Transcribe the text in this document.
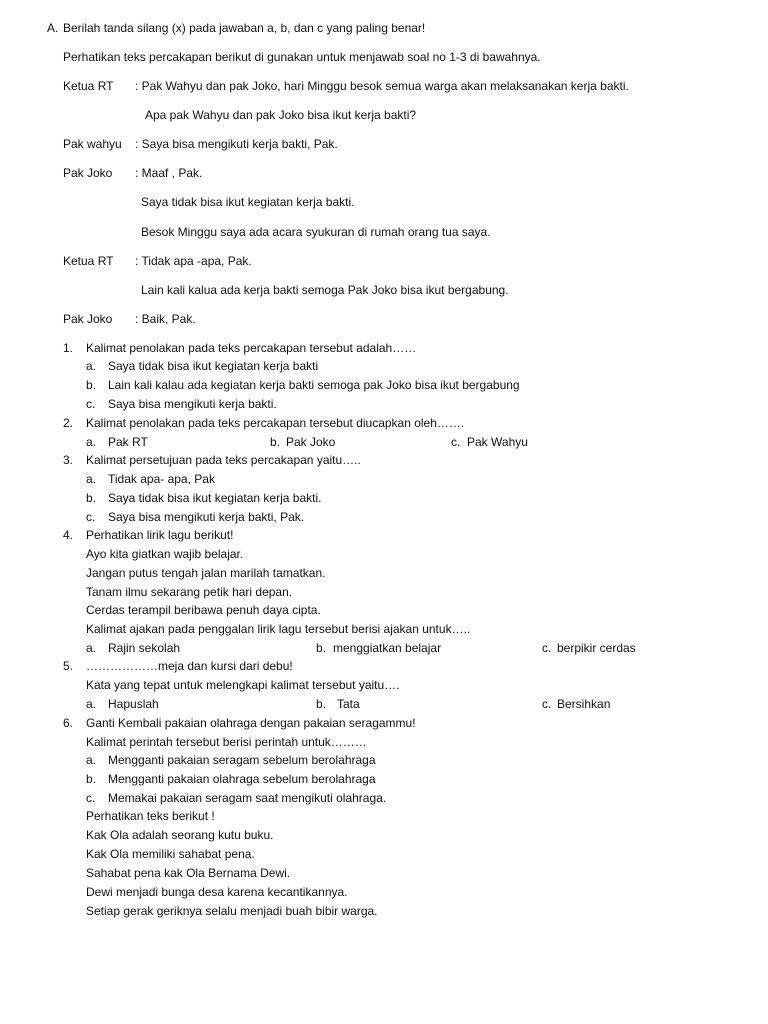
A. Berilah tanda silang (x) pada jawaban a, b, dan c yang paling benar!
Perhatikan teks percakapan berikut di gunakan untuk menjawab soal no 1-3 di bawahnya.
Ketua RT : Pak Wahyu dan pak Joko, hari Minggu besok semua warga akan melaksanakan kerja bakti.
Apa pak Wahyu dan pak Joko bisa ikut kerja bakti?
Pak wahyu : Saya bisa mengikuti kerja bakti, Pak.
Pak Joko : Maaf , Pak.
Saya tidak bisa ikut kegiatan kerja bakti.
Besok Minggu saya ada acara syukuran di rumah orang tua saya.
Ketua RT : Tidak apa -apa, Pak.
Lain kali kalua ada kerja bakti semoga Pak Joko bisa ikut bergabung.
Pak Joko : Baik, Pak.
1. Kalimat penolakan pada teks percakapan tersebut adalah……
a. Saya tidak bisa ikut kegiatan kerja bakti
b. Lain kali kalau ada kegiatan kerja bakti semoga pak Joko bisa ikut bergabung
c. Saya bisa mengikuti kerja bakti.
2. Kalimat penolakan pada teks percakapan tersebut diucapkan oleh…….
a. Pak RT	b. Pak Joko	c. Pak Wahyu
3. Kalimat persetujuan pada teks percakapan yaitu…..
a. Tidak apa- apa, Pak
b. Saya tidak bisa ikut kegiatan kerja bakti.
c. Saya bisa mengikuti kerja bakti, Pak.
4. Perhatikan lirik lagu berikut!
Ayo kita giatkan wajib belajar.
Jangan putus tengah jalan marilah tamatkan.
Tanam ilmu sekarang petik hari depan.
Cerdas terampil beribawa penuh daya cipta.
Kalimat ajakan pada penggalan lirik lagu tersebut berisi ajakan untuk…..
a. Rajin sekolah	b. menggiatkan belajar	c. berpikir cerdas
5. ………………meja dan kursi dari debu!
Kata yang tepat untuk melengkapi kalimat tersebut yaitu….
a. Hapuslah	b. Tata	c. Bersihkan
6. Ganti Kembali pakaian olahraga dengan pakaian seragammu!
Kalimat perintah tersebut berisi perintah untuk………
a. Mengganti pakaian seragam sebelum berolahraga
b. Mengganti pakaian olahraga sebelum berolahraga
c. Memakai pakaian seragam saat mengikuti olahraga.
Perhatikan teks berikut !
Kak Ola adalah seorang kutu buku.
Kak Ola memiliki sahabat pena.
Sahabat pena kak Ola Bernama Dewi.
Dewi menjadi bunga desa karena kecantikannya.
Setiap gerak geriknya selalu menjadi buah bibir warga.
